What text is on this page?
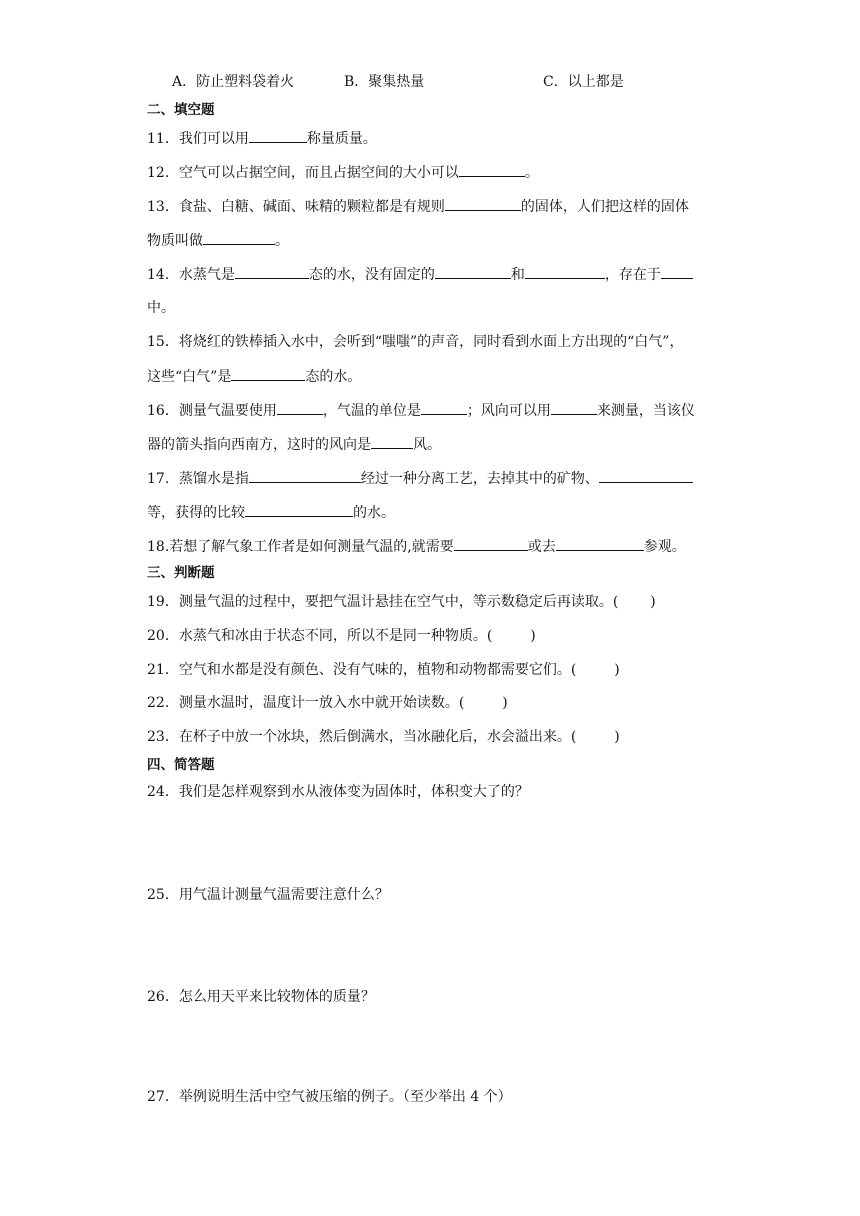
A．防止塑料袋着火	B．聚集热量	C．以上都是
二、填空题
11．我们可以用	称量质量。
12．空气可以占据空间，而且占据空间的大小可以	。
13．食盐、白糖、碱面、味精的颗粒都是有规则	的固体，人们把这样的固体
物质叫做	。
14．水蒸气是	态的水，没有固定的	和	，存在于
中。
15．将烧红的铁棒插入水中，会听到“嗤嗤”的声音，同时看到水面上方出现的“白气”，
这些“白气”是	态的水。
16．测量气温要使用	，气温的单位是	；风向可以用	来测量，当该仪
器的箭头指向西南方，这时的风向是	风。
17．蒸馏水是指	经过一种分离工艺，去掉其中的矿物、
等，获得的比较	的水。
18.若想了解气象工作者是如何测量气温的,就需要	或去	参观。
三、判断题
19．测量气温的过程中，要把气温计悬挂在空气中，等示数稳定后再读取。( )
20．水蒸气和冰由于状态不同，所以不是同一种物质。(	)
21．空气和水都是没有颜色、没有气味的，植物和动物都需要它们。(	)
22．测量水温时，温度计一放入水中就开始读数。(	)
23．在杯子中放一个冰块，然后倒满水，当冰融化后，水会溢出来。(	)
四、简答题
24．我们是怎样观察到水从液体变为固体时，体积变大了的？
25．用气温计测量气温需要注意什么？
26．怎么用天平来比较物体的质量？
27．举例说明生活中空气被压缩的例子。（至少举出 4 个）
